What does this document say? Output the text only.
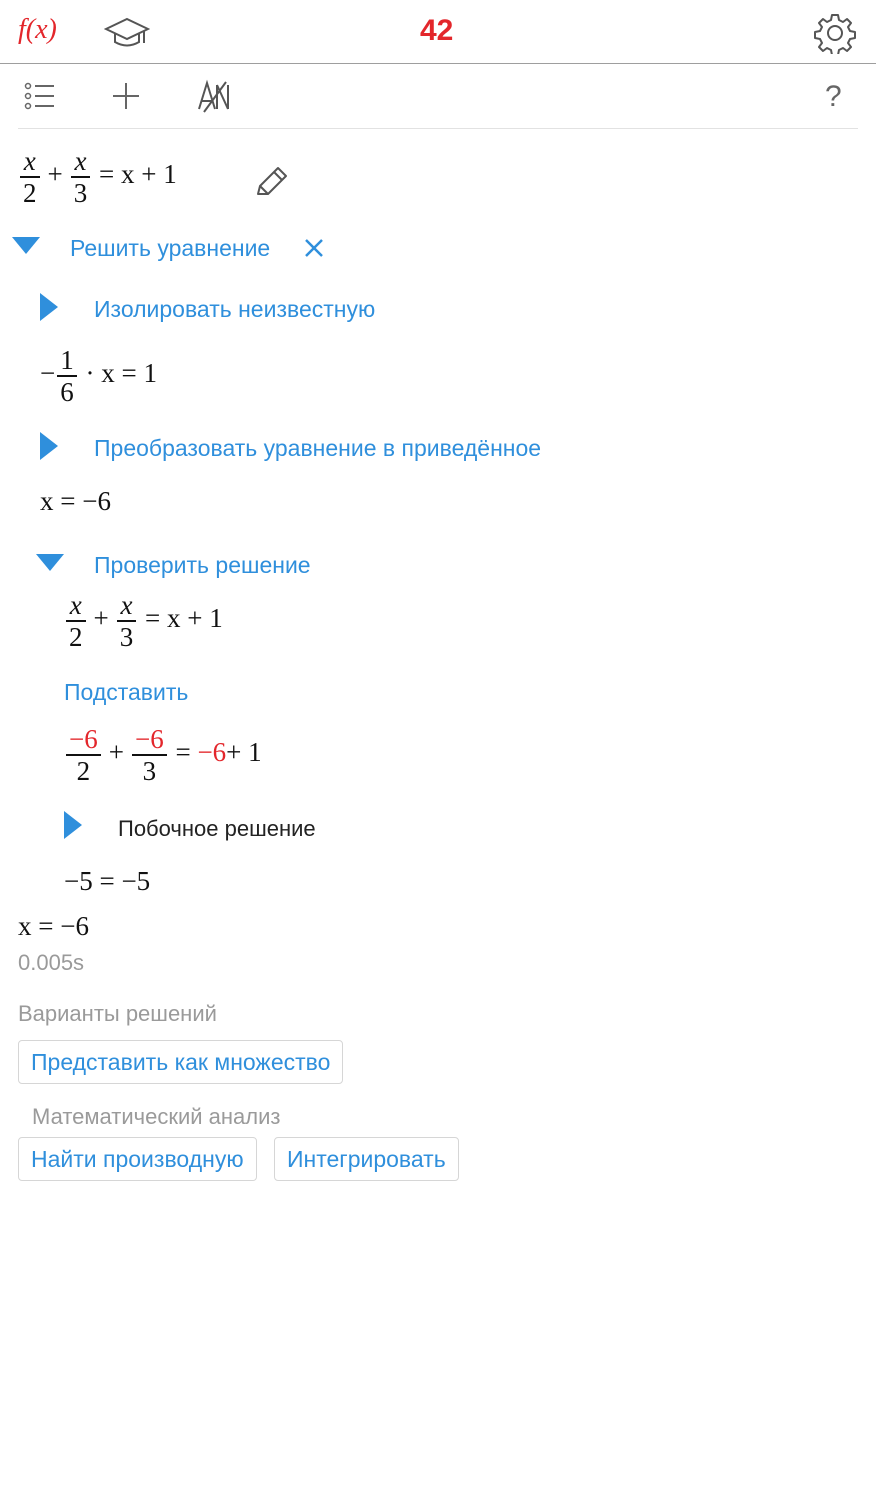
f(x)	42
?
$\frac{x}{2} + \frac{x}{3} = x + 1$
Решить уравнение
Изолировать неизвестную
− $\frac{1}{6} \cdot x = 1$
Преобразовать уравнение в приведённое
x = −6
Проверить решение
$\frac{x}{2} + \frac{x}{3} = x + 1$
Подставить
$\frac{-6}{2} + \frac{-6}{3} = -6+ 1$
Побочное решение
−5 = −5
x = −6
0.005s
Варианты решений
Представить как множество
Математический анализ
Найти производную	Интегрировать
